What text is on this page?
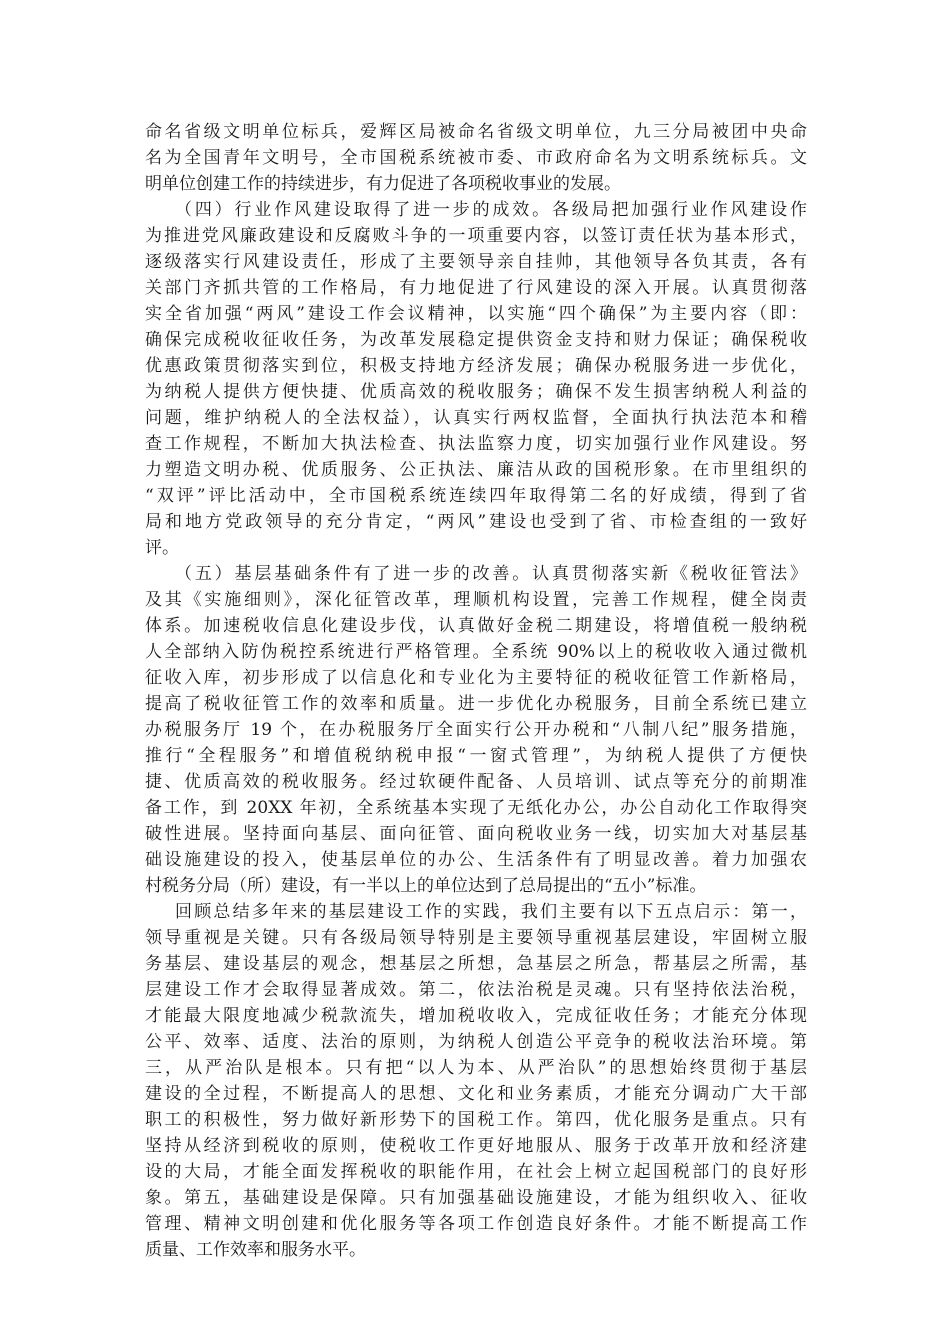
命名省级文明单位标兵，爱辉区局被命名省级文明单位，九三分局被团中央命
名为全国青年文明号，全市国税系统被市委、市政府命名为文明系统标兵。文
明单位创建工作的持续进步，有力促进了各项税收事业的发展。
（四）行业作风建设取得了进一步的成效。各级局把加强行业作风建设作
为推进党风廉政建设和反腐败斗争的一项重要内容，以签订责任状为基本形式，
逐级落实行风建设责任，形成了主要领导亲自挂帅，其他领导各负其责，各有
关部门齐抓共管的工作格局，有力地促进了行风建设的深入开展。认真贯彻落
实全省加强“两风”建设工作会议精神，以实施“四个确保”为主要内容（即：
确保完成税收征收任务，为改革发展稳定提供资金支持和财力保证；确保税收
优惠政策贯彻落实到位，积极支持地方经济发展；确保办税服务进一步优化，
为纳税人提供方便快捷、优质高效的税收服务；确保不发生损害纳税人利益的
问题，维护纳税人的全法权益），认真实行两权监督，全面执行执法范本和稽
查工作规程，不断加大执法检查、执法监察力度，切实加强行业作风建设。努
力塑造文明办税、优质服务、公正执法、廉洁从政的国税形象。在市里组织的
“双评”评比活动中，全市国税系统连续四年取得第二名的好成绩，得到了省
局和地方党政领导的充分肯定，“两风”建设也受到了省、市检查组的一致好
评。
（五）基层基础条件有了进一步的改善。认真贯彻落实新《税收征管法》
及其《实施细则》，深化征管改革，理顺机构设置，完善工作规程，健全岗责
体系。加速税收信息化建设步伐，认真做好金税二期建设，将增值税一般纳税
人全部纳入防伪税控系统进行严格管理。全系统 90%以上的税收收入通过微机
征收入库，初步形成了以信息化和专业化为主要特征的税收征管工作新格局，
提高了税收征管工作的效率和质量。进一步优化办税服务，目前全系统已建立
办税服务厅 19 个，在办税服务厅全面实行公开办税和“八制八纪”服务措施，
推行“全程服务”和增值税纳税申报“一窗式管理”，为纳税人提供了方便快
捷、优质高效的税收服务。经过软硬件配备、人员培训、试点等充分的前期准
备工作，到 20XX 年初，全系统基本实现了无纸化办公，办公自动化工作取得突
破性进展。坚持面向基层、面向征管、面向税收业务一线，切实加大对基层基
础设施建设的投入，使基层单位的办公、生活条件有了明显改善。着力加强农
村税务分局（所）建设，有一半以上的单位达到了总局提出的“五小”标准。
回顾总结多年来的基层建设工作的实践，我们主要有以下五点启示：第一，
领导重视是关键。只有各级局领导特别是主要领导重视基层建设，牢固树立服
务基层、建设基层的观念，想基层之所想，急基层之所急，帮基层之所需，基
层建设工作才会取得显著成效。第二，依法治税是灵魂。只有坚持依法治税，
才能最大限度地减少税款流失，增加税收收入，完成征收任务；才能充分体现
公平、效率、适度、法治的原则，为纳税人创造公平竞争的税收法治环境。第
三，从严治队是根本。只有把“以人为本、从严治队”的思想始终贯彻于基层
建设的全过程，不断提高人的思想、文化和业务素质，才能充分调动广大干部
职工的积极性，努力做好新形势下的国税工作。第四，优化服务是重点。只有
坚持从经济到税收的原则，使税收工作更好地服从、服务于改革开放和经济建
设的大局，才能全面发挥税收的职能作用，在社会上树立起国税部门的良好形
象。第五，基础建设是保障。只有加强基础设施建设，才能为组织收入、征收
管理、精神文明创建和优化服务等各项工作创造良好条件。才能不断提高工作
质量、工作效率和服务水平。
